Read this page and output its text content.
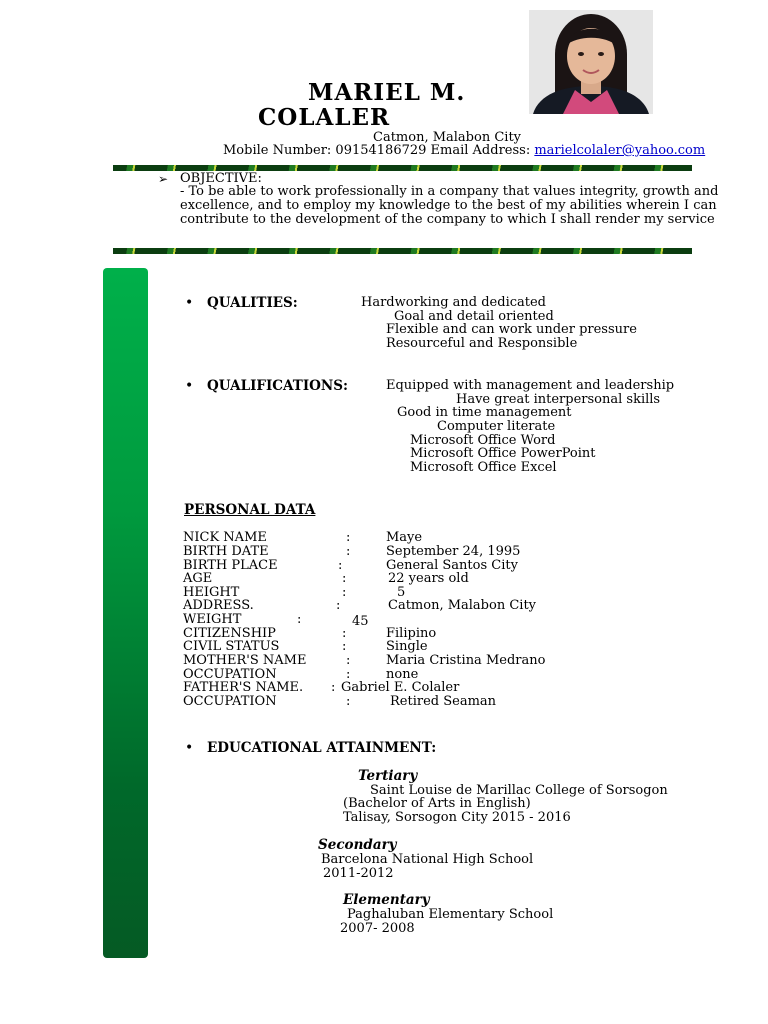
MARIEL M.
COLALER
Catmon, Malabon City
Mobile Number: 09154186729 Email Address: marielcolaler@yahoo.com
➢ OBJECTIVE:
- To be able to work professionally in a company that values integrity, growth and
excellence, and to employ my knowledge to the best of my abilities wherein I can
contribute to the development of the company to which I shall render my service
• QUALITIES:	Hardworking and dedicated
Goal and detail oriented
Flexible and can work under pressure
Resourceful and Responsible
• QUALIFICATIONS:	Equipped with management and leadership
Have great interpersonal skills
Good in time management
Computer literate
Microsoft Office Word
Microsoft Office PowerPoint
Microsoft Office Excel
PERSONAL DATA
NICK NAME	:	Maye
BIRTH DATE	:	September 24, 1995
BIRTH PLACE	:	General Santos City
AGE	:	22 years old
HEIGHT	:	5
ADDRESS.	:	Catmon, Malabon City
WEIGHT	:	45
CITIZENSHIP	:	Filipino
CIVIL STATUS	:	Single
MOTHER'S NAME	:	Maria Cristina Medrano
OCCUPATION	:	none
FATHER'S NAME. : Gabriel E. Colaler
OCCUPATION	:	Retired Seaman
• EDUCATIONAL ATTAINMENT:
Tertiary
Saint Louise de Marillac College of Sorsogon
(Bachelor of Arts in English)
Talisay, Sorsogon City 2015 - 2016
Secondary
Barcelona National High School
2011-2012
Elementary
Paghaluban Elementary School
2007- 2008
